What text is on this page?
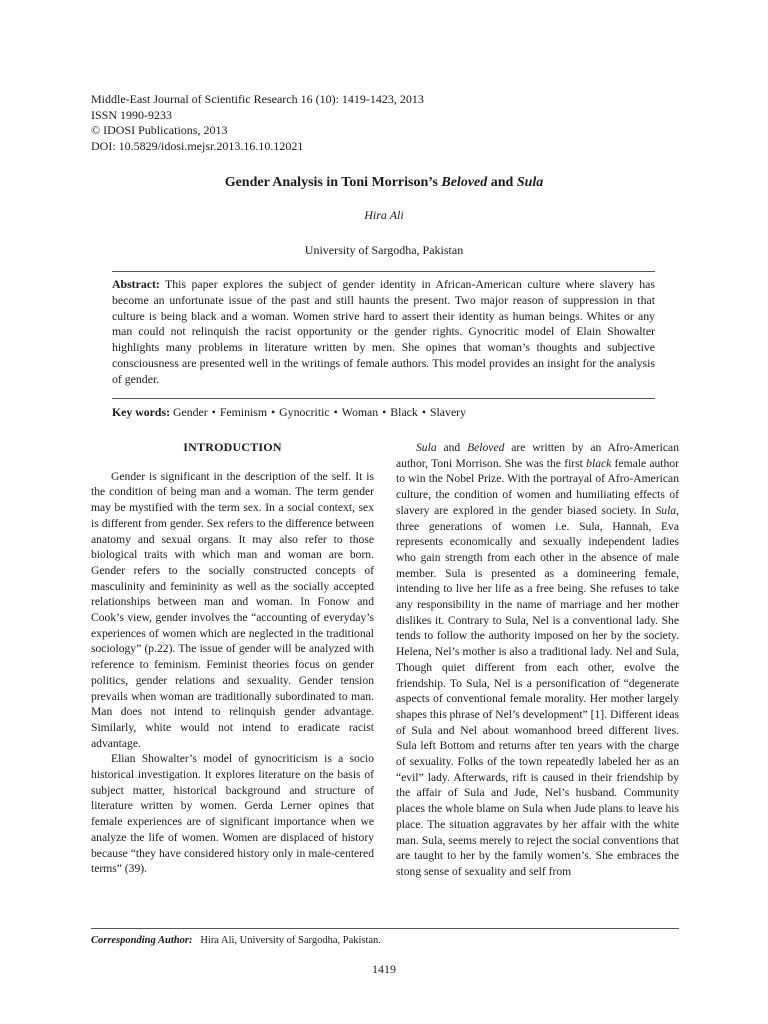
Middle-East Journal of Scientific Research 16 (10): 1419-1423, 2013
ISSN 1990-9233
© IDOSI Publications, 2013
DOI: 10.5829/idosi.mejsr.2013.16.10.12021
Gender Analysis in Toni Morrison’s Beloved and Sula
Hira Ali
University of Sargodha, Pakistan
Abstract: This paper explores the subject of gender identity in African-American culture where slavery has become an unfortunate issue of the past and still haunts the present. Two major reason of suppression in that culture is being black and a woman. Women strive hard to assert their identity as human beings. Whites or any man could not relinquish the racist opportunity or the gender rights. Gynocritic model of Elain Showalter highlights many problems in literature written by men. She opines that woman’s thoughts and subjective consciousness are presented well in the writings of female authors. This model provides an insight for the analysis of gender.
Key words: Gender • Feminism • Gynocritic • Woman • Black • Slavery
INTRODUCTION

Gender is significant in the description of the self. It is the condition of being man and a woman. The term gender may be mystified with the term sex. In a social context, sex is different from gender. Sex refers to the difference between anatomy and sexual organs. It may also refer to those biological traits with which man and woman are born. Gender refers to the socially constructed concepts of masculinity and femininity as well as the socially accepted relationships between man and woman. In Fonow and Cook’s view, gender involves the “accounting of everyday’s experiences of women which are neglected in the traditional sociology” (p.22). The issue of gender will be analyzed with reference to feminism. Feminist theories focus on gender politics, gender relations and sexuality. Gender tension prevails when woman are traditionally subordinated to man. Man does not intend to relinquish gender advantage. Similarly, white would not intend to eradicate racist advantage.

Elian Showalter’s model of gynocriticism is a socio historical investigation. It explores literature on the basis of subject matter, historical background and structure of literature written by women. Gerda Lerner opines that female experiences are of significant importance when we analyze the life of women. Women are displaced of history because “they have considered history only in male-centered terms” (39).

Sula and Beloved are written by an Afro-American author, Toni Morrison. She was the first black female author to win the Nobel Prize. With the portrayal of Afro-American culture, the condition of women and humiliating effects of slavery are explored in the gender biased society. In Sula, three generations of women i.e. Sula, Hannah, Eva represents economically and sexually independent ladies who gain strength from each other in the absence of male member. Sula is presented as a domineering female, intending to live her life as a free being. She refuses to take any responsibility in the name of marriage and her mother dislikes it. Contrary to Sula, Nel is a conventional lady. She tends to follow the authority imposed on her by the society. Helena, Nel’s mother is also a traditional lady. Nel and Sula, Though quiet different from each other, evolve the friendship. To Sula, Nel is a personification of “degenerate aspects of conventional female morality. Her mother largely shapes this phrase of Nel’s development” [1]. Different ideas of Sula and Nel about womanhood breed different lives. Sula left Bottom and returns after ten years with the charge of sexuality. Folks of the town repeatedly labeled her as an “evil” lady. Afterwards, rift is caused in their friendship by the affair of Sula and Jude, Nel’s husband. Community places the whole blame on Sula when Jude plans to leave his place. The situation aggravates by her affair with the white man. Sula, seems merely to reject the social conventions that are taught to her by the family women’s. She embraces the stong sense of sexuality and self from

Corresponding Author: Hira Ali, University of Sargodha, Pakistan.
1419
